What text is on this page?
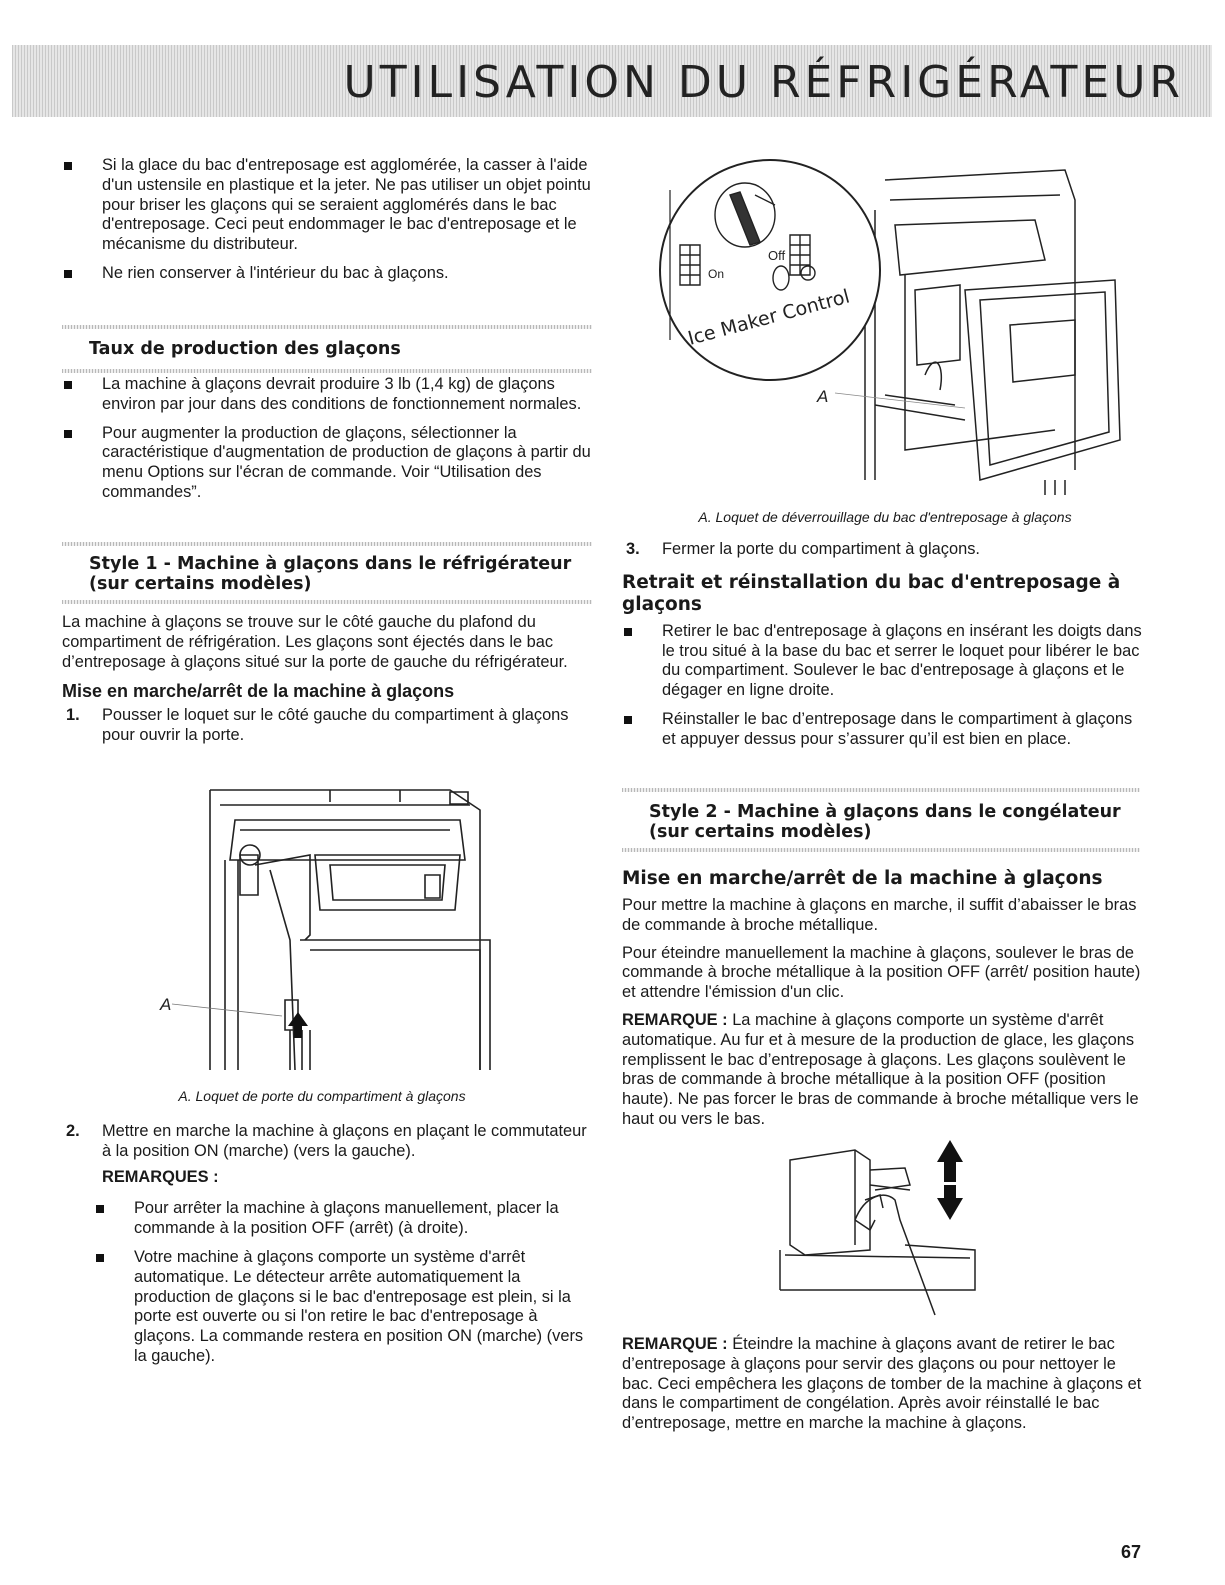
UTILISATION DU RÉFRIGÉRATEUR
Si la glace du bac d'entreposage est agglomérée, la casser à l'aide d'un ustensile en plastique et la jeter. Ne pas utiliser un objet pointu pour briser les glaçons qui se seraient agglomérés dans le bac d'entreposage. Ceci peut endommager le bac d'entreposage et le mécanisme du distributeur.
Ne rien conserver à l'intérieur du bac à glaçons.
Taux de production des glaçons
La machine à glaçons devrait produire 3 lb (1,4 kg) de glaçons environ par jour dans des conditions de fonctionnement normales.
Pour augmenter la production de glaçons, sélectionner la caractéristique d'augmentation de production de glaçons à partir du menu Options sur l'écran de commande. Voir “Utilisation des commandes”.
Style 1 - Machine à glaçons dans le réfrigérateur
(sur certains modèles)
La machine à glaçons se trouve sur le côté gauche du plafond du compartiment de réfrigération. Les glaçons sont éjectés dans le bac d’entreposage à glaçons situé sur la porte de gauche du réfrigérateur.
Mise en marche/arrêt de la machine à glaçons
1. Pousser le loquet sur le côté gauche du compartiment à glaçons pour ouvrir la porte.
A
A. Loquet de porte du compartiment à glaçons
2. Mettre en marche la machine à glaçons en plaçant le commutateur à la position ON (marche) (vers la gauche).
REMARQUES :
Pour arrêter la machine à glaçons manuellement, placer la commande à la position OFF (arrêt) (à droite).
Votre machine à glaçons comporte un système d'arrêt automatique. Le détecteur arrête automatiquement la production de glaçons si le bac d'entreposage est plein, si la porte est ouverte ou si l'on retire le bac d'entreposage à glaçons. La commande restera en position ON (marche) (vers la gauche).
On
Off
Ice Maker Control
A
A. Loquet de déverrouillage du bac d'entreposage à glaçons
3. Fermer la porte du compartiment à glaçons.
Retrait et réinstallation du bac d'entreposage à glaçons
Retirer le bac d'entreposage à glaçons en insérant les doigts dans le trou situé à la base du bac et serrer le loquet pour libérer le bac du compartiment. Soulever le bac d'entreposage à glaçons et le dégager en ligne droite.
Réinstaller le bac d’entreposage dans le compartiment à glaçons et appuyer dessus pour s’assurer qu’il est bien en place.
Style 2 - Machine à glaçons dans le congélateur
(sur certains modèles)
Mise en marche/arrêt de la machine à glaçons
Pour mettre la machine à glaçons en marche, il suffit d’abaisser le bras de commande à broche métallique.
Pour éteindre manuellement la machine à glaçons, soulever le bras de commande à broche métallique à la position OFF (arrêt/ position haute) et attendre l'émission d'un clic.
REMARQUE : La machine à glaçons comporte un système d'arrêt automatique. Au fur et à mesure de la production de glace, les glaçons remplissent le bac d’entreposage à glaçons. Les glaçons soulèvent le bras de commande à broche métallique à la position OFF (position haute). Ne pas forcer le bras de commande à broche métallique vers le haut ou vers le bas.
REMARQUE : Éteindre la machine à glaçons avant de retirer le bac d’entreposage à glaçons pour servir des glaçons ou pour nettoyer le bac. Ceci empêchera les glaçons de tomber de la machine à glaçons et dans le compartiment de congélation. Après avoir réinstallé le bac d’entreposage, mettre en marche la machine à glaçons.
67
